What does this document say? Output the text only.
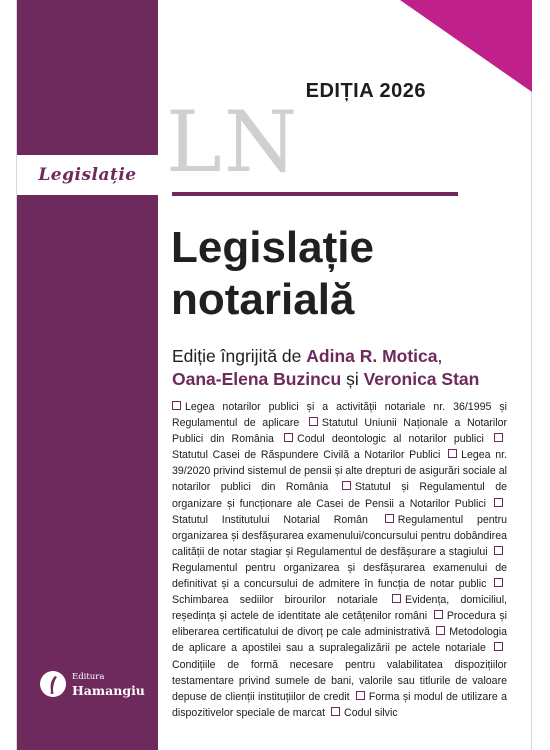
Legislație
EDIȚIA 2026
LN
Legislație
notarială
Ediție îngrijită de Adina R. Motica,
Oana-Elena Buzincu și Veronica Stan
Legea notarilor publici și a activității notariale nr. 36/1995 și Regulamentul de aplicare Statutul Uniunii Naționale a Notarilor Publici din România Codul deontologic al notarilor publici Statutul Casei de Răspundere Civilă a Notarilor Publici Legea nr. 39/2020 privind sistemul de pensii și alte drepturi de asigurări sociale al notarilor publici din România	Statutul și Regulamentul de organizare și funcționare ale Casei de Pensii a Notarilor Publici Statutul Institutului Notarial Român	Regulamentul pentru organizarea și desfășurarea examenului/concursului pentru dobândirea calității de notar stagiar și Regulamentul de desfășurare a stagiului Regulamentul pentru organizarea și desfășurarea examenului de definitivat și a concursului de admitere în funcția de notar public Schimbarea sediilor birourilor notariale	Evidența, domiciliul, reședința și actele de identitate ale cetățenilor români Procedura și eliberarea certificatului de divorț pe cale administrativă Metodologia de aplicare a apostilei sau a supralegalizării pe actele notariale Condițiile de formă necesare pentru valabilitatea dispozițiilor testamentare privind sumele de bani, valorile sau titlurile de valoare depuse de clienții instituțiilor de credit Forma și modul de utilizare a dispozitivelor speciale de marcat Codul silvic
Editura
Hamangiu
